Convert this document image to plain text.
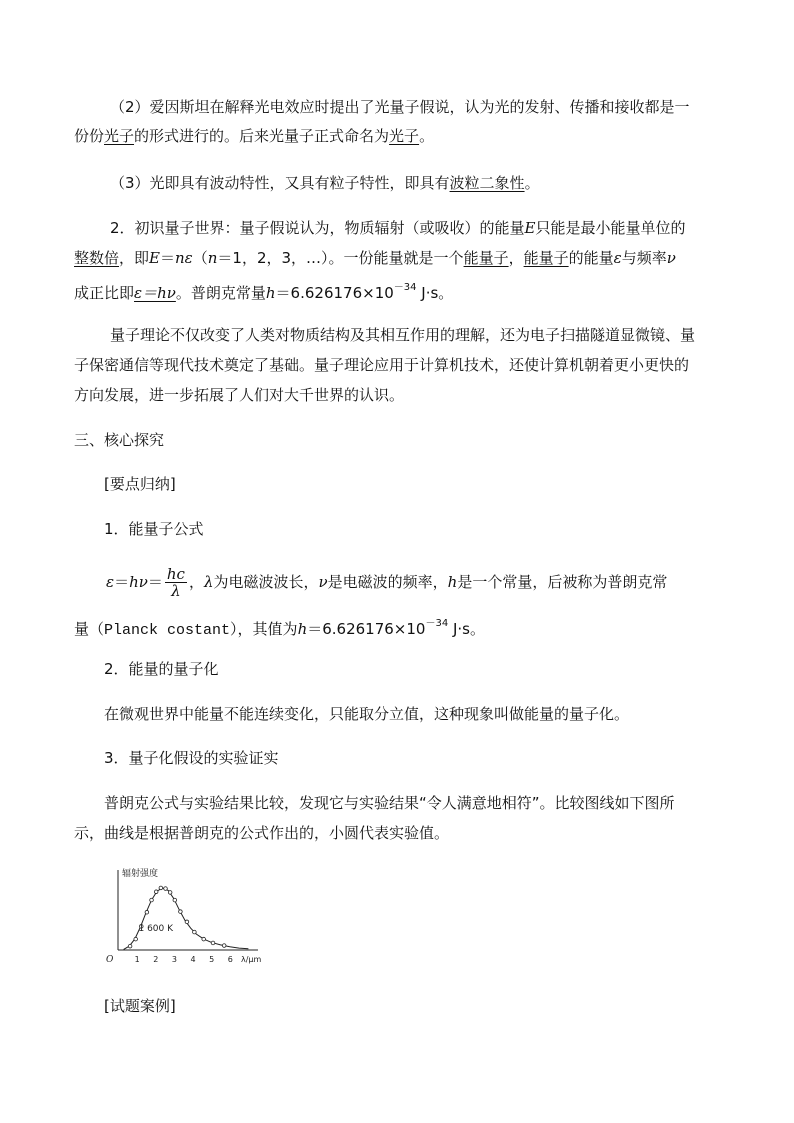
（2）爱因斯坦在解释光电效应时提出了光量子假说，认为光的发射、传播和接收都是一
份份光子的形式进行的。后来光量子正式命名为光子。
（3）光即具有波动特性，又具有粒子特性，即具有波粒二象性。
2．初识量子世界：量子假说认为，物质辐射（或吸收）的能量E只能是最小能量单位的
整数倍，即E＝nε（n＝1，2，3，…）。一份能量就是一个能量子，能量子的能量ε与频率ν
成正比即ε＝hν。普朗克常量$h=6.626176\times 10^{-34}$ J·s。
量子理论不仅改变了人类对物质结构及其相互作用的理解，还为电子扫描隧道显微镜、量
子保密通信等现代技术奠定了基础。量子理论应用于计算机技术，还使计算机朝着更小更快的
方向发展，进一步拓展了人们对大千世界的认识。
三、核心探究
[要点归纳]
1．能量子公式
$\varepsilon=h\nu= \frac{hc}{\lambda}$ ，λ为电磁波波长，ν是电磁波的频率，h是一个常量，后被称为普朗克常
量（Planck costant），其值为$h=6.626176\times 10^{-34}$ J·s。
2．能量的量子化
在微观世界中能量不能连续变化，只能取分立值，这种现象叫做能量的量子化。
3．量子化假设的实验证实
普朗克公式与实验结果比较，发现它与实验结果“令人满意地相符”。比较图线如下图所
示，曲线是根据普朗克的公式作出的，小圆代表实验值。
辐射强度
O	1 2 3 4 5 6 λ/μm
1 600 K
[试题案例]
